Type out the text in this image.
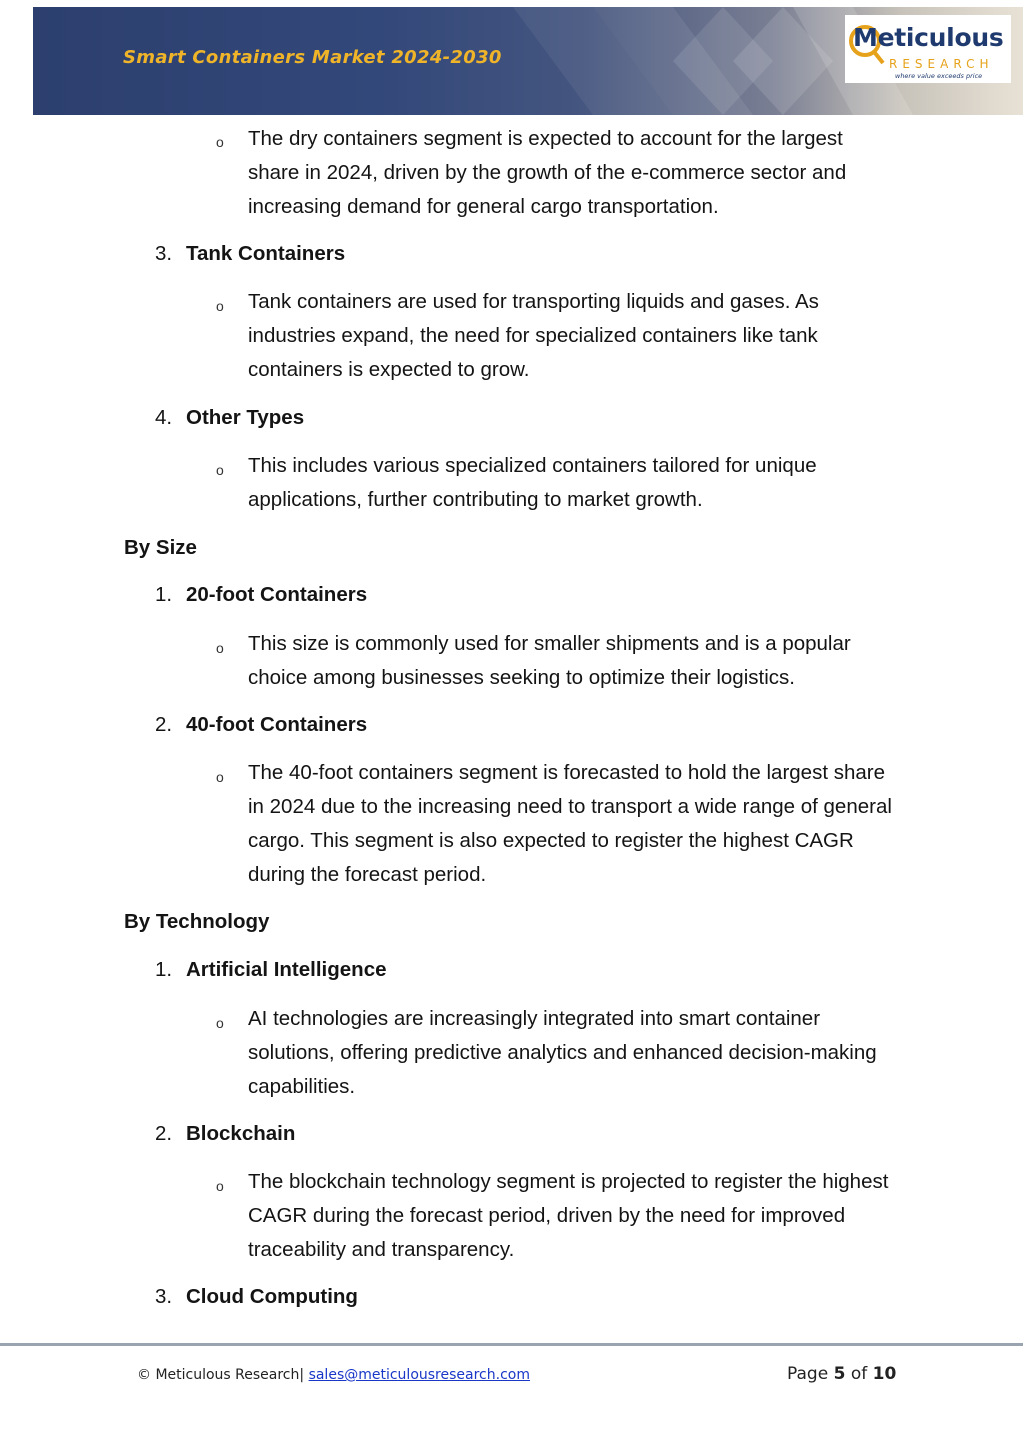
Smart Containers Market 2024-2030
Meticulous
RESEARCH
where value exceeds price
o The dry containers segment is expected to account for the largest share in 2024, driven by the growth of the e-commerce sector and increasing demand for general cargo transportation.
3. Tank Containers
o Tank containers are used for transporting liquids and gases. As industries expand, the need for specialized containers like tank containers is expected to grow.
4. Other Types
o This includes various specialized containers tailored for unique applications, further contributing to market growth.
By Size
1. 20-foot Containers
o This size is commonly used for smaller shipments and is a popular choice among businesses seeking to optimize their logistics.
2. 40-foot Containers
o The 40-foot containers segment is forecasted to hold the largest share in 2024 due to the increasing need to transport a wide range of general cargo. This segment is also expected to register the highest CAGR during the forecast period.
By Technology
1. Artificial Intelligence
o AI technologies are increasingly integrated into smart container solutions, offering predictive analytics and enhanced decision-making capabilities.
2. Blockchain
o The blockchain technology segment is projected to register the highest CAGR during the forecast period, driven by the need for improved traceability and transparency.
3. Cloud Computing
© Meticulous Research| sales@meticulousresearch.com	Page 5 of 10
